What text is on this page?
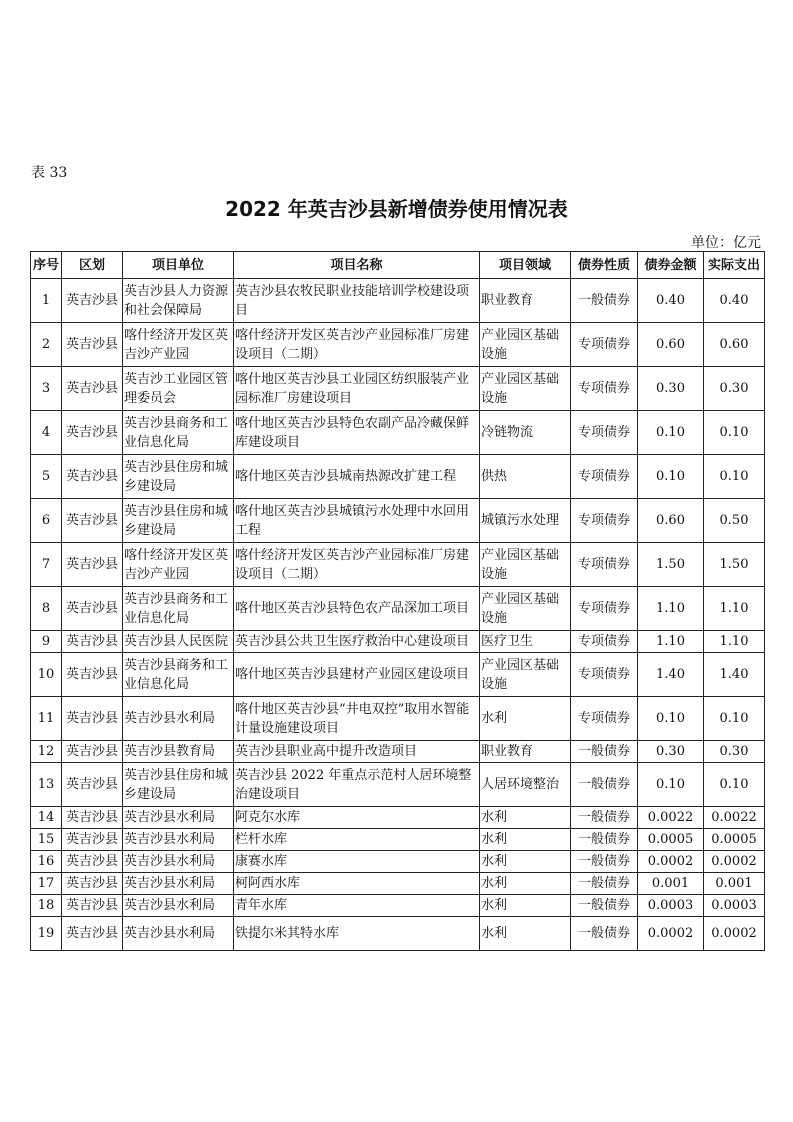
表 33
2022 年英吉沙县新增债券使用情况表
单位：亿元
序号	区划	项目单位	项目名称	项目领域	债券性质	债券金额	实际支出
1	英吉沙县	英吉沙县人力资源和社会保障局	英吉沙县农牧民职业技能培训学校建设项目	职业教育	一般债券	0.40	0.40
2	英吉沙县	喀什经济开发区英吉沙产业园	喀什经济开发区英吉沙产业园标准厂房建设项目（二期）	产业园区基础设施	专项债券	0.60	0.60
3	英吉沙县	英吉沙工业园区管理委员会	喀什地区英吉沙县工业园区纺织服装产业园标准厂房建设项目	产业园区基础设施	专项债券	0.30	0.30
4	英吉沙县	英吉沙县商务和工业信息化局	喀什地区英吉沙县特色农副产品冷藏保鲜库建设项目	冷链物流	专项债券	0.10	0.10
5	英吉沙县	英吉沙县住房和城乡建设局	喀什地区英吉沙县城南热源改扩建工程	供热	专项债券	0.10	0.10
6	英吉沙县	英吉沙县住房和城乡建设局	喀什地区英吉沙县城镇污水处理中水回用工程	城镇污水处理	专项债券	0.60	0.50
7	英吉沙县	喀什经济开发区英吉沙产业园	喀什经济开发区英吉沙产业园标准厂房建设项目（二期）	产业园区基础设施	专项债券	1.50	1.50
8	英吉沙县	英吉沙县商务和工业信息化局	喀什地区英吉沙县特色农产品深加工项目	产业园区基础设施	专项债券	1.10	1.10
9	英吉沙县	英吉沙县人民医院	英吉沙县公共卫生医疗救治中心建设项目	医疗卫生	专项债券	1.10	1.10
10	英吉沙县	英吉沙县商务和工业信息化局	喀什地区英吉沙县建材产业园区建设项目	产业园区基础设施	专项债券	1.40	1.40
11	英吉沙县	英吉沙县水利局	喀什地区英吉沙县“井电双控”取用水智能计量设施建设项目	水利	专项债券	0.10	0.10
12	英吉沙县	英吉沙县教育局	英吉沙县职业高中提升改造项目	职业教育	一般债券	0.30	0.30
13	英吉沙县	英吉沙县住房和城乡建设局	英吉沙县 2022 年重点示范村人居环境整治建设项目	人居环境整治	一般债券	0.10	0.10
14	英吉沙县	英吉沙县水利局	阿克尔水库	水利	一般债券	0.0022	0.0022
15	英吉沙县	英吉沙县水利局	栏杆水库	水利	一般债券	0.0005	0.0005
16	英吉沙县	英吉沙县水利局	康赛水库	水利	一般债券	0.0002	0.0002
17	英吉沙县	英吉沙县水利局	柯阿西水库	水利	一般债券	0.001	0.001
18	英吉沙县	英吉沙县水利局	青年水库	水利	一般债券	0.0003	0.0003
19	英吉沙县	英吉沙县水利局	铁提尔米其特水库	水利	一般债券	0.0002	0.0002
